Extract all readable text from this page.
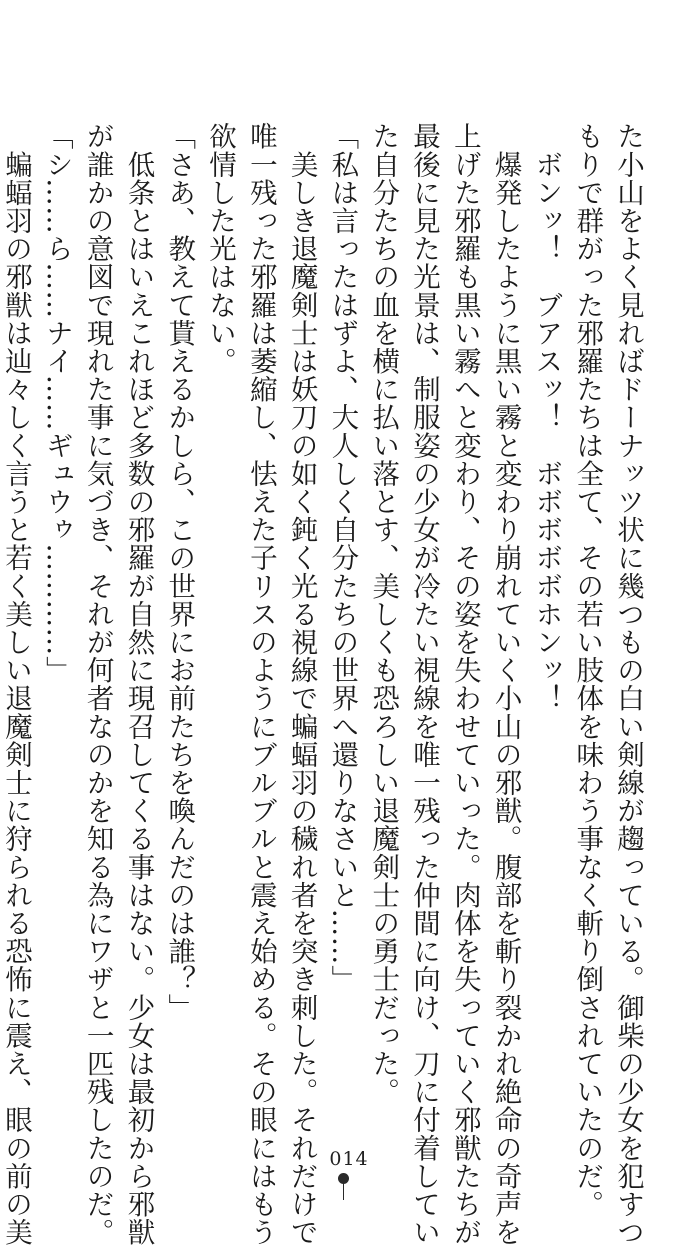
た小山をよく見ればドーナッツ状に幾つもの白い剣線が趨っている。御柴の少女を犯すつ
もりで群がった邪羅たちは全て、その若い肢体を味わう事なく斬り倒されていたのだ。
　ボンッ！　ブアスッ！　ボボボボボホンッ！
　爆発したように黒い霧と変わり崩れていく小山の邪獣。腹部を斬り裂かれ絶命の奇声を
上げた邪羅も黒い霧へと変わり、その姿を失わせていった。肉体を失っていく邪獣たちが
最後に見た光景は、制服姿の少女が冷たい視線を唯一残った仲間に向け、刀に付着してい
た自分たちの血を横に払い落とす、美しくも恐ろしい退魔剣士の勇士だった。
「私は言ったはずよ、大人しく自分たちの世界へ還りなさいと……」
　美しき退魔剣士は妖刀の如く鈍く光る視線で蝙蝠羽の穢れ者を突き刺した。それだけで
唯一残った邪羅は萎縮し、怯えた子リスのようにブルブルと震え始める。その眼にはもう
欲情した光はない。
「さあ、教えて貰えるかしら、この世界にお前たちを喚んだのは誰？」
　低条とはいえこれほど多数の邪羅が自然に現召してくる事はない。少女は最初から邪獣
が誰かの意図で現れた事に気づき、それが何者なのかを知る為にワザと一匹残したのだ。
「シ……ら……ナイ……ギュウゥ…………」
　蝙蝠羽の邪獣は辿々しく言うと若く美しい退魔剣士に狩られる恐怖に震え、眼の前の美	014
